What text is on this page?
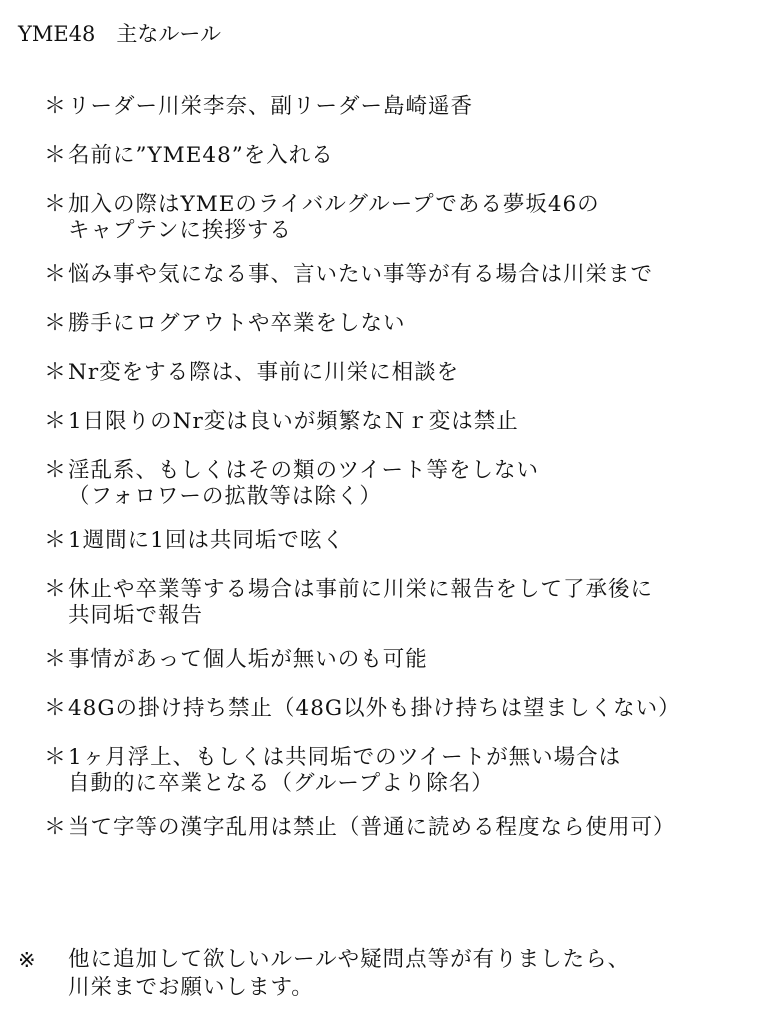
YME48　主なルール
＊ リーダー川栄李奈、副リーダー島崎遥香
＊ 名前に”YME48”を入れる
＊ 加入の際はYMEのライバルグループである夢坂46の
キャプテンに挨拶する
＊ 悩み事や気になる事、言いたい事等が有る場合は川栄まで
＊ 勝手にログアウトや卒業をしない
＊ Nr変をする際は、事前に川栄に相談を
＊ 1日限りのNr変は良いが頻繁なＮｒ変は禁止
＊ 淫乱系、もしくはその類のツイート等をしない
（フォロワーの拡散等は除く）
＊ 1週間に1回は共同垢で呟く
＊ 休止や卒業等する場合は事前に川栄に報告をして了承後に
共同垢で報告
＊ 事情があって個人垢が無いのも可能
＊ 48Gの掛け持ち禁止（48G以外も掛け持ちは望ましくない）
＊ 1ヶ月浮上、もしくは共同垢でのツイートが無い場合は
自動的に卒業となる（グループより除名）
＊ 当て字等の漢字乱用は禁止（普通に読める程度なら使用可）
※	他に追加して欲しいルールや疑問点等が有りましたら、
川栄までお願いします。
